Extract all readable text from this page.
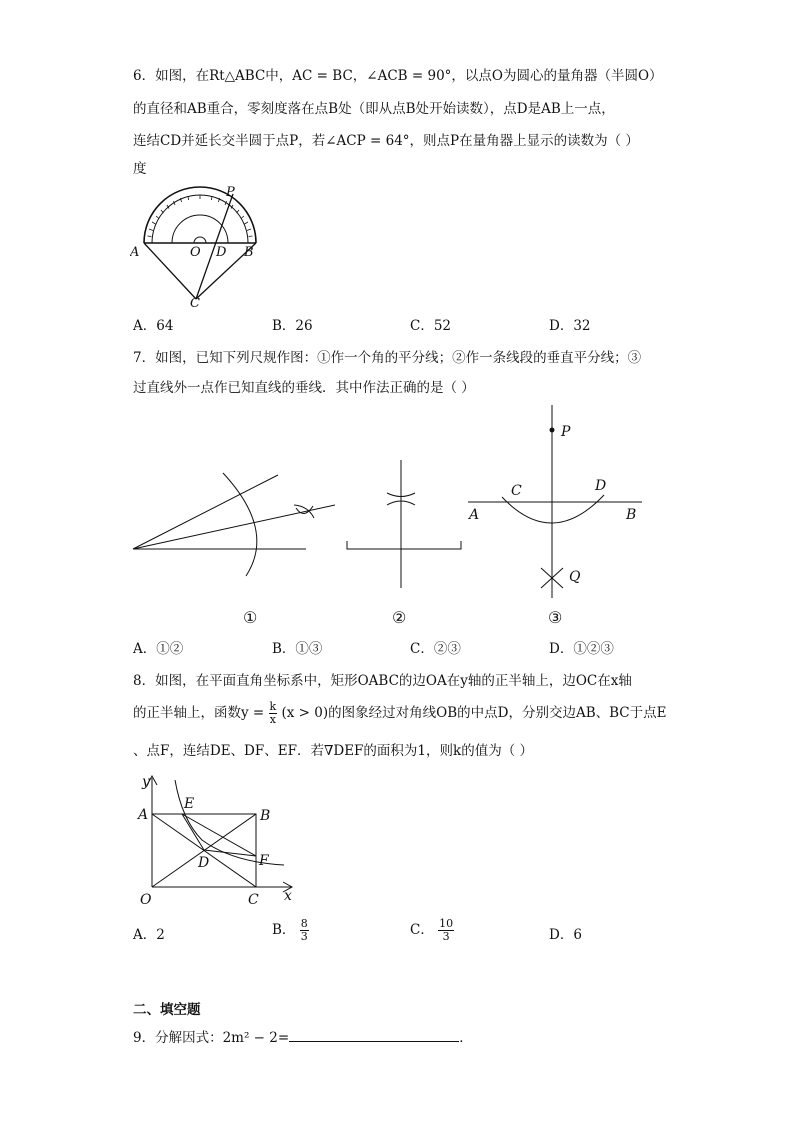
6．如图，在Rt△ABC中，AC = BC，∠ACB = 90°，以点O为圆心的量角器（半圆O）
的直径和AB重合，零刻度落在点B处（即从点B处开始读数），点D是AB上一点，
连结CD并延长交半圆于点P，若∠ACP = 64°，则点P在量角器上显示的读数为（ ）
度
A	O D B
C
P
A．64	B．26	C．52	D．32
7．如图，已知下列尺规作图：①作一个角的平分线；②作一条线段的垂直平分线；③
过直线外一点作已知直线的垂线．其中作法正确的是（ ）
P
C	D
A	B
Q
①	②	③
A．①②	B．①③	C．②③	D．①②③
8．如图，在平面直角坐标系中，矩形OABC的边OA在y轴的正半轴上，边OC在x轴
的正半轴上，函数$y = \frac{k}{x} (x > 0)$的图象经过对角线OB的中点D，分别交边AB、BC于点E
、点F，连结DE、DF、EF．若∇DEF的面积为1，则k的值为（ ）
y
x
A
E
B
D	F
O	C
A．2	B． $\frac{8}{3}$	C． $\frac{10}{3}$	D．6
二、填空题
9．分解因式：2m² − 2=	．
